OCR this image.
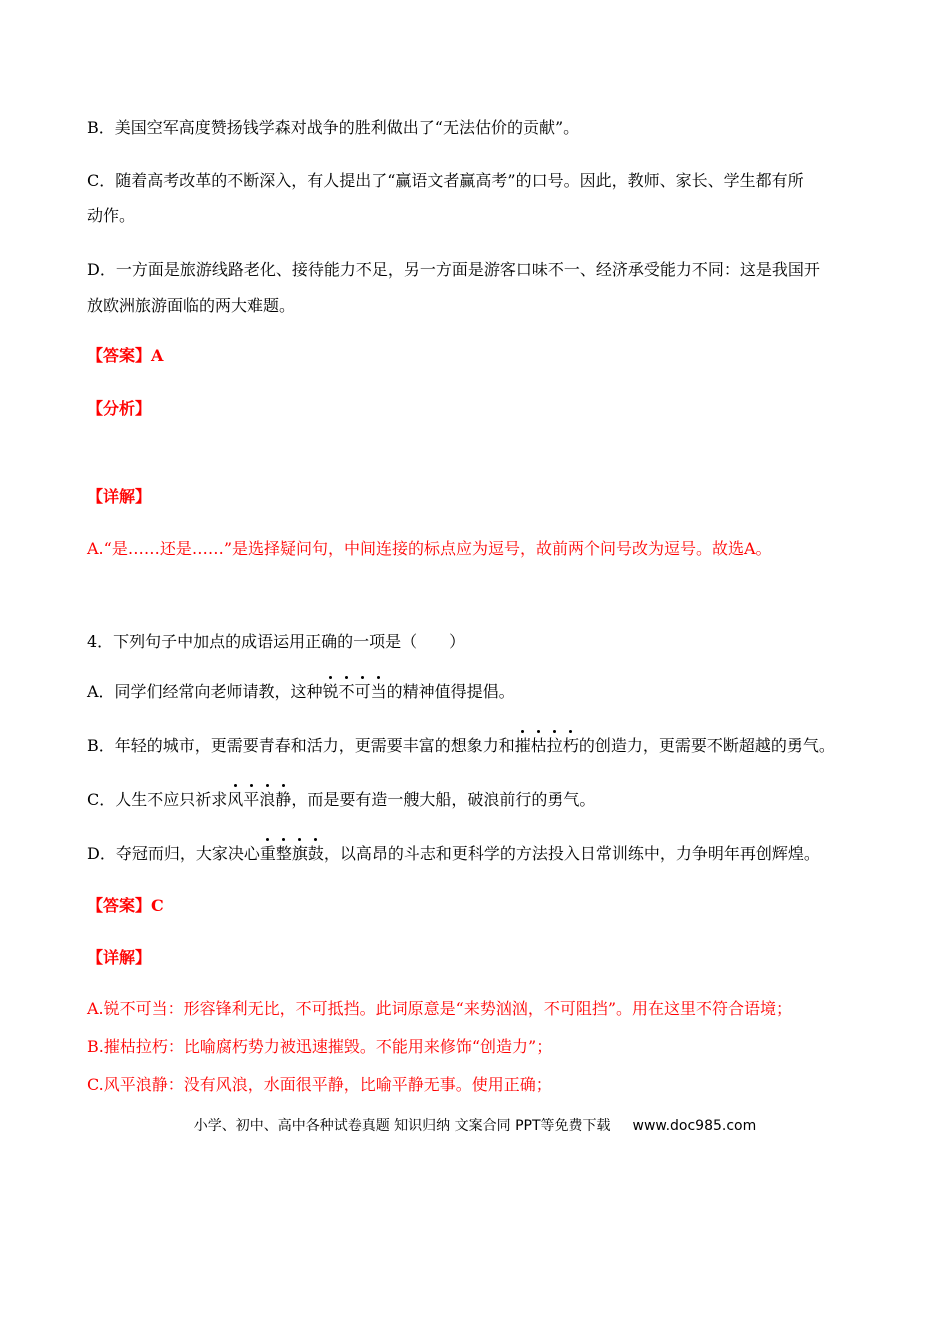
B．美国空军高度赞扬钱学森对战争的胜利做出了“无法估价的贡献”。
C．随着高考改革的不断深入，有人提出了“赢语文者赢高考”的口号。因此，教师、家长、学生都有所
动作。
D．一方面是旅游线路老化、接待能力不足，另一方面是游客口味不一、经济承受能力不同：这是我国开
放欧洲旅游面临的两大难题。
【答案】A
【分析】
【详解】
A.“是……还是……”是选择疑问句，中间连接的标点应为逗号，故前两个问号改为逗号。故选A。
4．下列句子中加点的成语运用正确的一项是（　　）
A．同学们经常向老师请教，这种锐不可当的精神值得提倡。
B．年轻的城市，更需要青春和活力，更需要丰富的想象力和摧枯拉朽的创造力，更需要不断超越的勇气。
C．人生不应只祈求风平浪静，而是要有造一艘大船，破浪前行的勇气。
D．夺冠而归，大家决心重整旗鼓，以高昂的斗志和更科学的方法投入日常训练中，力争明年再创辉煌。
【答案】C
【详解】
A.锐不可当：形容锋利无比，不可抵挡。此词原意是“来势汹汹，不可阻挡”。用在这里不符合语境；
B.摧枯拉朽：比喻腐朽势力被迅速摧毁。不能用来修饰“创造力”；
C.风平浪静：没有风浪，水面很平静，比喻平静无事。使用正确；
小学、初中、高中各种试卷真题 知识归纳 文案合同 PPT等免费下载 www.doc985.com
